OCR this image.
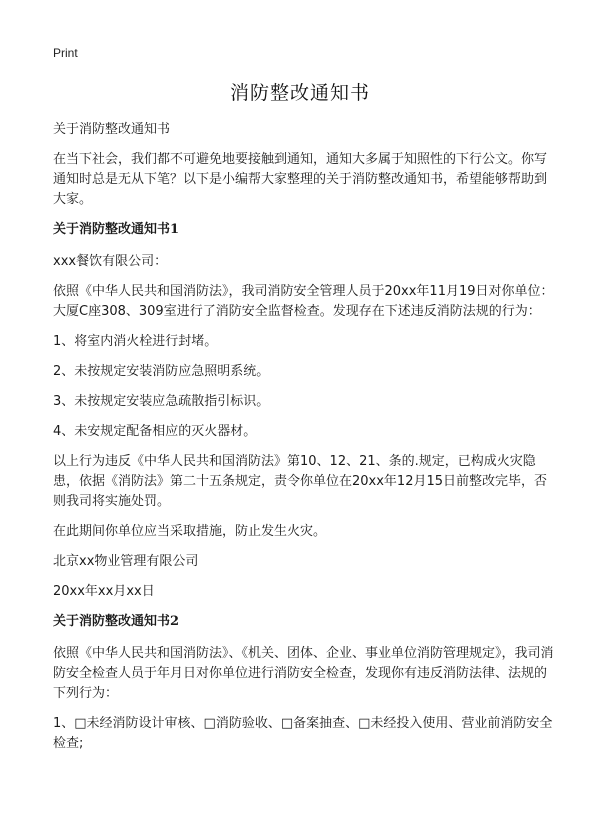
Print
消防整改通知书

关于消防整改通知书

在当下社会，我们都不可避免地要接触到通知，通知大多属于知照性的下行公文。你写通知时总是无从下笔？以下是小编帮大家整理的关于消防整改通知书，希望能够帮助到大家。

关于消防整改通知书1

xxx餐饮有限公司：

依照《中华人民共和国消防法》，我司消防安全管理人员于20xx年11月19日对你单位：大厦C座308、309室进行了消防安全监督检查。发现存在下述违反消防法规的行为：

1、将室内消火栓进行封堵。

2、未按规定安装消防应急照明系统。

3、未按规定安装应急疏散指引标识。

4、未安规定配备相应的灭火器材。

以上行为违反《中华人民共和国消防法》第10、12、21、条的.规定，已构成火灾隐患，依据《消防法》第二十五条规定，责令你单位在20xx年12月15日前整改完毕，否则我司将实施处罚。

在此期间你单位应当采取措施，防止发生火灾。

北京xx物业管理有限公司

20xx年xx月xx日

关于消防整改通知书2

依照《中华人民共和国消防法》、《机关、团体、企业、事业单位消防管理规定》，我司消防安全检查人员于年月日对你单位进行消防安全检查，发现你有违反消防法律、法规的下列行为：

1、□未经消防设计审核、□消防验收、□备案抽查、□未经投入使用、营业前消防安全检查;
